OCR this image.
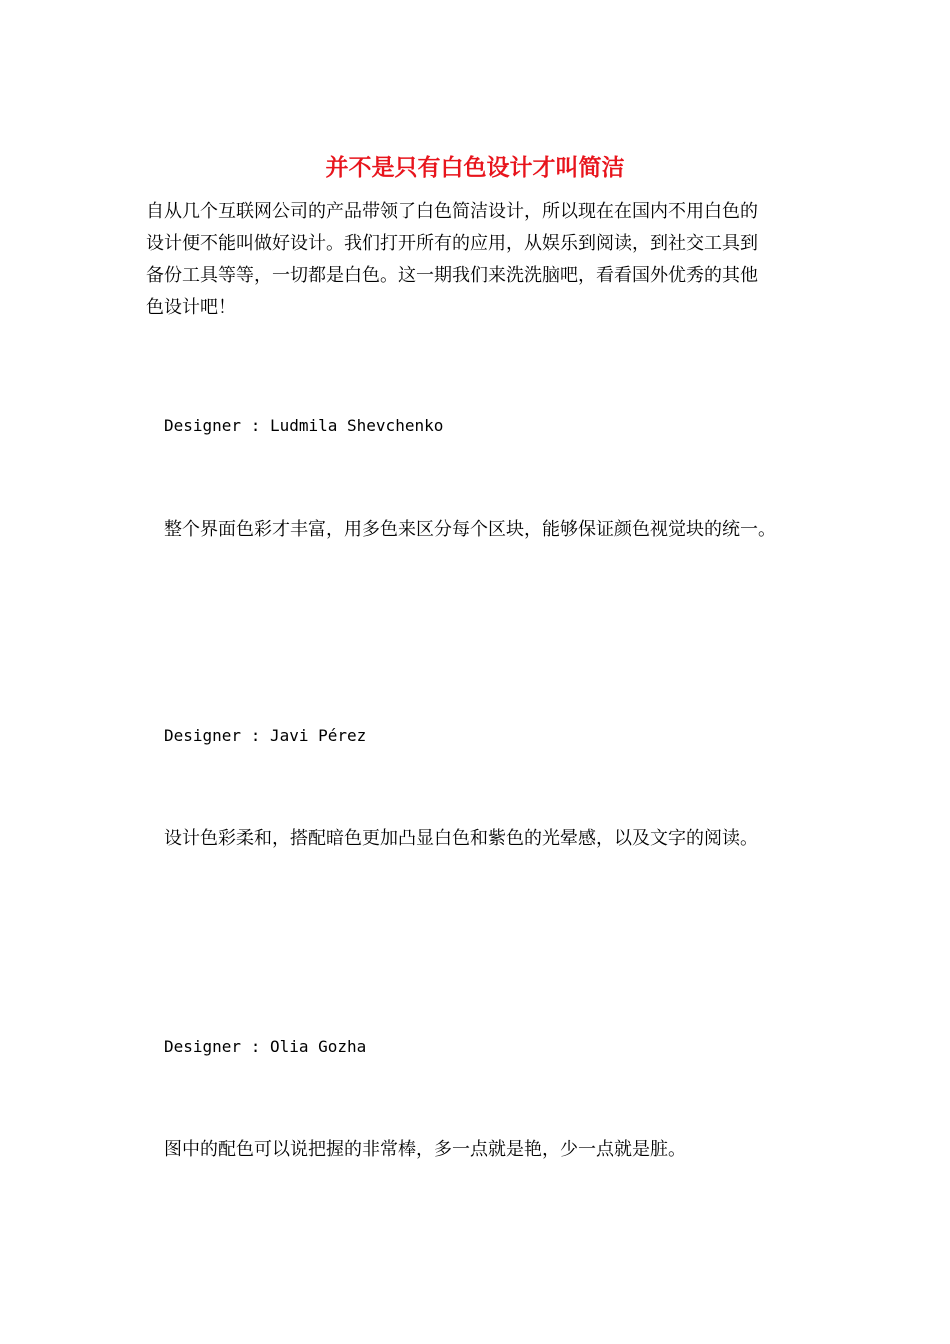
并不是只有白色设计才叫简洁

自从几个互联网公司的产品带领了白色简洁设计，所以现在在国内不用白色的
设计便不能叫做好设计。我们打开所有的应用，从娱乐到阅读，到社交工具到
备份工具等等，一切都是白色。这一期我们来洗洗脑吧，看看国外优秀的其他
色设计吧！

Designer : Ludmila Shevchenko

整个界面色彩才丰富，用多色来区分每个区块，能够保证颜色视觉块的统一。

Designer : Javi Pérez

设计色彩柔和，搭配暗色更加凸显白色和紫色的光晕感，以及文字的阅读。

Designer : Olia Gozha

图中的配色可以说把握的非常棒，多一点就是艳，少一点就是脏。
